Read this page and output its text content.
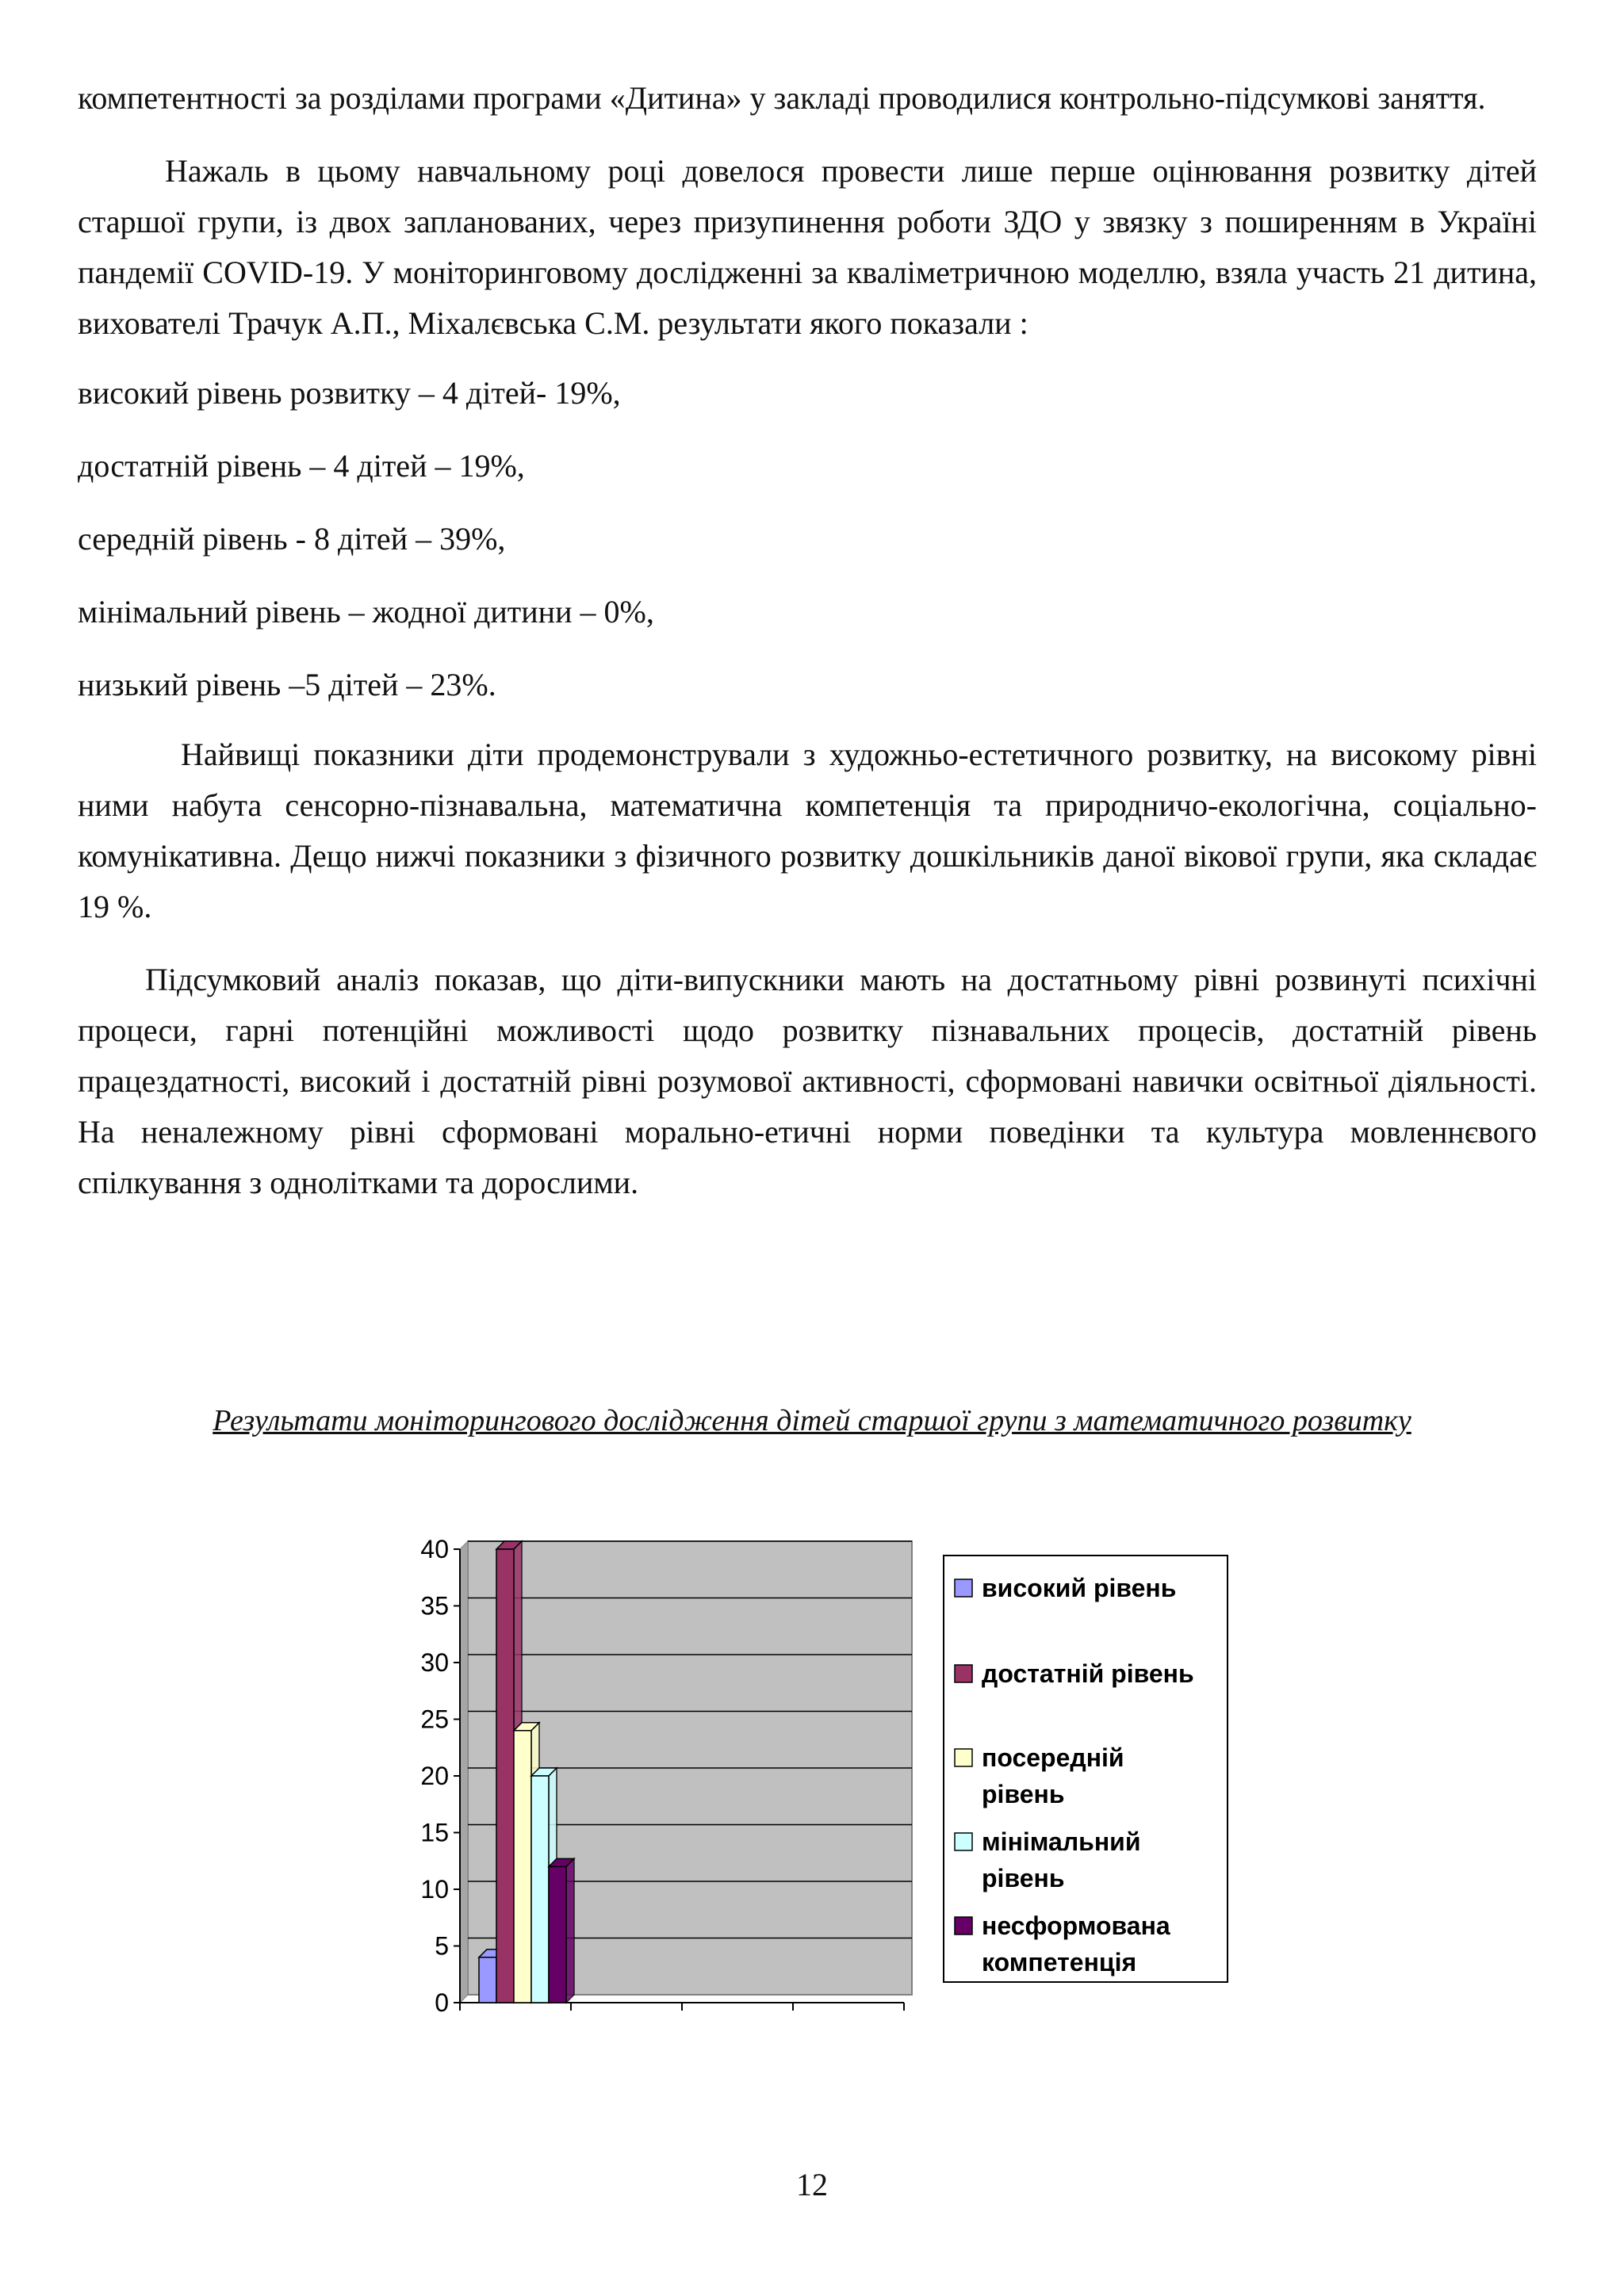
компетентності за розділами програми «Дитина» у закладі проводилися контрольно-підсумкові заняття.

Нажаль в цьому навчальному році довелося провести лише перше оцінювання розвитку дітей старшої групи, із двох запланованих, через призупинення роботи ЗДО у звязку з поширенням в Україні пандемії COVID-19. У моніторинговому дослідженні за кваліметричною моделлю, взяла участь 21 дитина, вихователі Трачук А.П., Міхалєвська С.М. результати якого показали :

високий рівень розвитку – 4 дітей- 19%,

достатній рівень – 4 дітей – 19%,

середній рівень - 8 дітей – 39%,

мінімальний рівень – жодної дитини – 0%,

низький рівень –5 дітей – 23%.

Найвищі показники діти продемонстрували з художньо-естетичного розвитку, на високому рівні ними набута сенсорно-пізнавальна, математична компетенція та природничо-екологічна, соціально-комунікативна. Дещо нижчі показники з фізичного розвитку дошкільників даної вікової групи, яка складає 19 %.

Підсумковий аналіз показав, що діти-випускники мають на достатньому рівні розвинуті психічні процеси, гарні потенційні можливості щодо розвитку пізнавальних процесів, достатній рівень працездатності, високий і достатній рівні розумової активності, сформовані навички освітньої діяльності. На неналежному рівні сформовані морально-етичні норми поведінки та культура мовленнєвого спілкування з однолітками та дорослими.

Результати моніторингового дослідження дітей старшої групи з математичного розвитку
0
5
10
15
20
25
30
35
40
високий рівень
достатній рівень
посередній
рівень
мінімальний
рівень
несформована
компетенція
12
